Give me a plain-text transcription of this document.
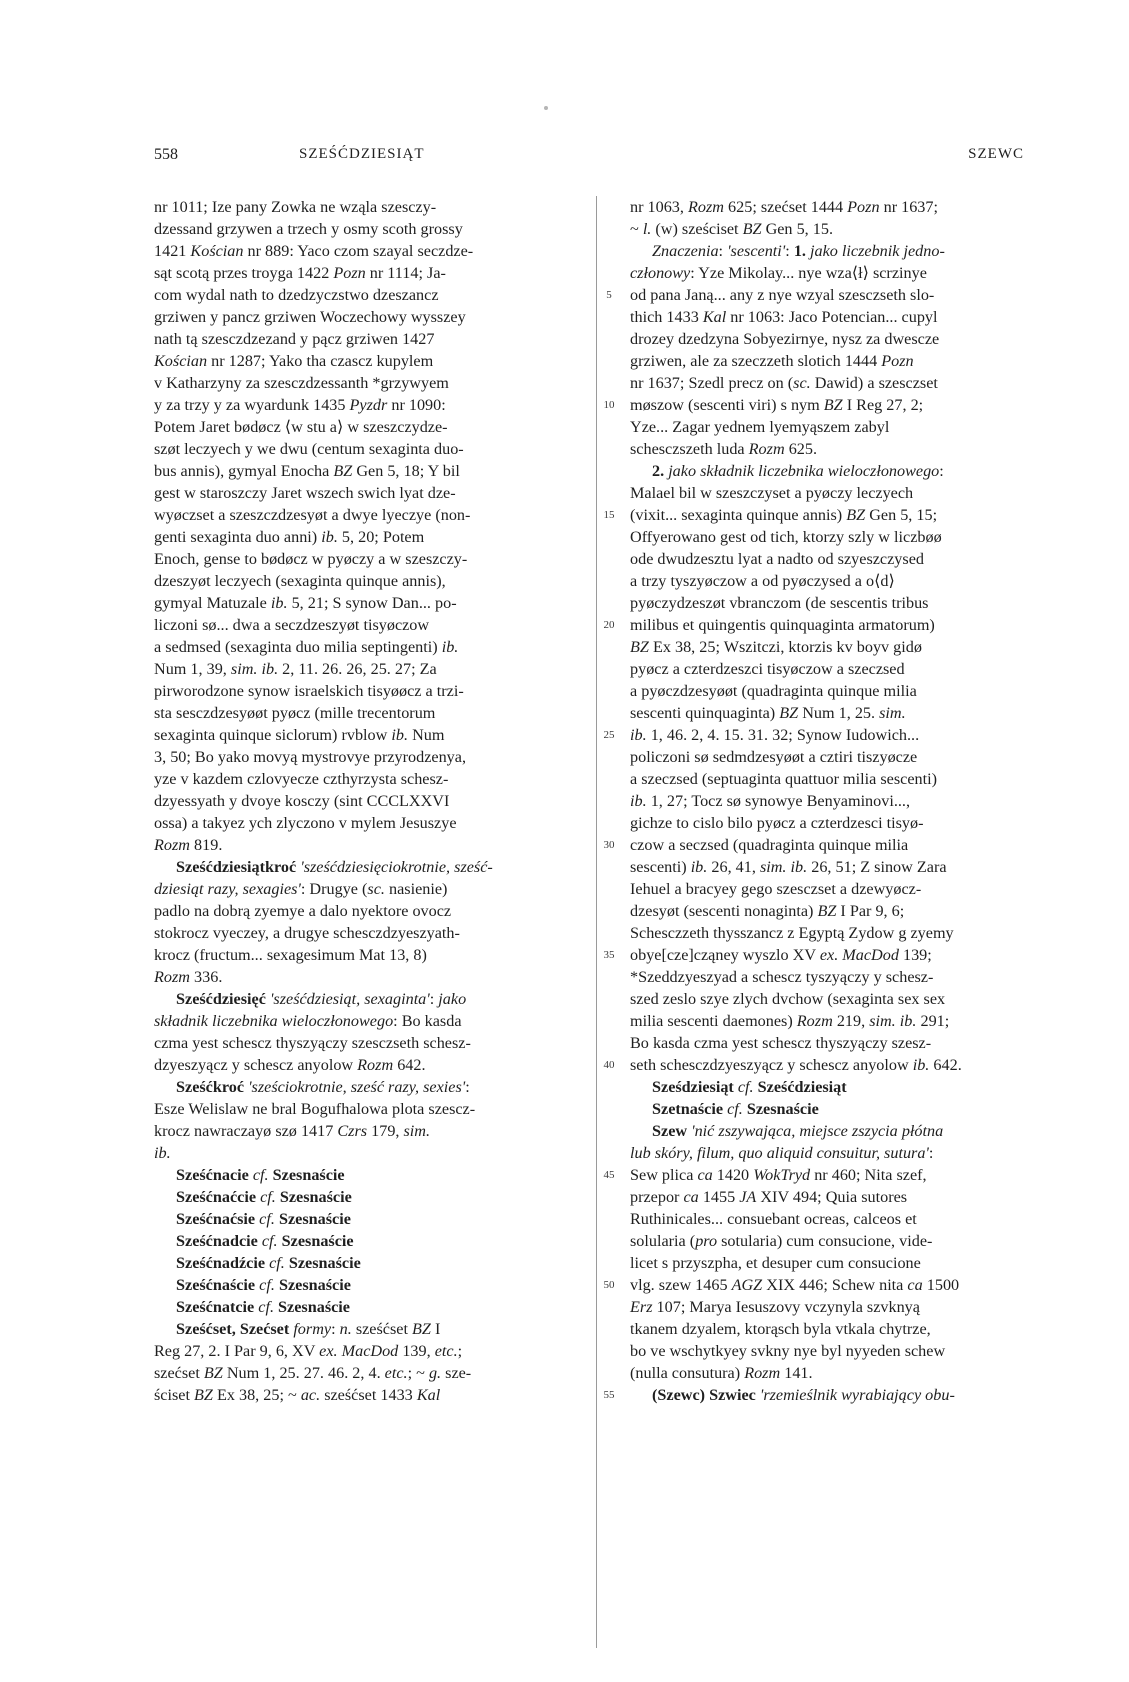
558	SZEŚĆDZIESIĄT	SZEWC
nr 1011; Ize pany Zowka ne wząla szesczy-
dzessand grzywen a trzech y osmy scoth grossy
1421 Kościan nr 889: Yaco czom szayal seczdze-
sąt scotą przes troyga 1422 Pozn nr 1114; Ja-
com wydal nath to dzedzyczstwo dzeszancz
grziwen y pancz grziwen Woczechowy wysszey
nath tą szesczdzezand y pącz grziwen 1427
Kościan nr 1287; Yako tha czascz kupylem
v Katharzyny za szesczdzessanth *grzywyem
y za trzy y za wyardunk 1435 Pyzdr nr 1090:
Potem Jaret bødøcz ⟨w stu a⟩ w szeszczydze-
szøt leczyech y we dwu (centum sexaginta duo-
bus annis), gymyal Enocha BZ Gen 5, 18; Y bil
gest w staroszczy Jaret wszech swich lyat dze-
wyøczset a szeszczdzesyøt a dwye lyeczye (non-
genti sexaginta duo anni) ib. 5, 20; Potem
Enoch, gense to bødøcz w pyøczy a w szeszczy-
dzeszyøt leczyech (sexaginta quinque annis),
gymyal Matuzale ib. 5, 21; S synow Dan... po-
liczoni sø... dwa a seczdzeszyøt tisyøczow
a sedmsed (sexaginta duo milia septingenti) ib.
Num 1, 39, sim. ib. 2, 11. 26. 26, 25. 27; Za
pirworodzone synow israelskich tisyøøcz a trzi-
sta sesczdzesyøøt pyøcz (mille trecentorum
sexaginta quinque siclorum) rvblow ib. Num
3, 50; Bo yako movyą mystrovye przyrodzenya,
yze v kazdem czlovyecze czthyrzysta schesz-
dzyessyath y dvoye kosczy (sint CCCLXXVI
ossa) a takyez ych zlyczono v mylem Jesuszye
Rozm 819.
Sześćdziesiątkroć 'sześćdziesięciokrotnie, sześć-
dziesiąt razy, sexagies': Drugye (sc. nasienie)
padlo na dobrą zyemye a dalo nyektore ovocz
stokrocz vyeczey, a drugye schesczdzyeszyath-
krocz (fructum... sexagesimum Mat 13, 8)
Rozm 336.
Sześćdziesięć 'sześćdziesiąt, sexaginta': jako
składnik liczebnika wieloczłonowego: Bo kasda
czma yest schescz thyszyączy szesczseth schesz-
dzyeszyącz y schescz anyolow Rozm 642.
Sześćkroć 'sześciokrotnie, sześć razy, sexies':
Esze Welislaw ne bral Bogufhalowa plota szescz-
krocz nawraczayø szø 1417 Czrs 179, sim.
ib.
Sześćnacie cf. Szesnaście
Sześćnaćcie cf. Szesnaście
Sześćnaćsie cf. Szesnaście
Sześćnadcie cf. Szesnaście
Sześćnadźcie cf. Szesnaście
Sześćnaście cf. Szesnaście
Sześćnatcie cf. Szesnaście
Sześćset, Szećset formy: n. sześćset BZ I
Reg 27, 2. I Par 9, 6, XV ex. MacDod 139, etc.;
szećset BZ Num 1, 25. 27. 46. 2, 4. etc.; ~ g. sze-
ściset BZ Ex 38, 25; ~ ac. sześćset 1433 Kal
5
10
15
20
25
30
35
40
45
50
55
nr 1063, Rozm 625; szećset 1444 Pozn nr 1637;
~ l. (w) sześciset BZ Gen 5, 15.
Znaczenia: 'sescenti': 1. jako liczebnik jedno-
członowy: Yze Mikolay... nye wza⟨ł⟩ scrzinye
od pana Janą... any z nye wzyal szesczseth slo-
thich 1433 Kal nr 1063: Jaco Potencian... cupyl
drozey dzedzyna Sobyezirnye, nysz za dwescze
grziwen, ale za szeczzeth slotich 1444 Pozn
nr 1637; Szedl precz on (sc. Dawid) a szesczset
møszow (sescenti viri) s nym BZ I Reg 27, 2;
Yze... Zagar yednem lyemyąszem zabyl
schesczszeth luda Rozm 625.
2. jako składnik liczebnika wieloczłonowego:
Malael bil w szeszczyset a pyøczy leczyech
(vixit... sexaginta quinque annis) BZ Gen 5, 15;
Offyerowano gest od tich, ktorzy szly w liczbøø
ode dwudzesztu lyat a nadto od szyeszczysed
a trzy tyszyøczow a od pyøczysed a o⟨d⟩
pyøczydzeszøt vbranczom (de sescentis tribus
milibus et quingentis quinquaginta armatorum)
BZ Ex 38, 25; Wszitczi, ktorzis kv boyv gidø
pyøcz a czterdzeszci tisyøczow a szeczsed
a pyøczdzesyøøt (quadraginta quinque milia
sescenti quinquaginta) BZ Num 1, 25. sim.
ib. 1, 46. 2, 4. 15. 31. 32; Synow Iudowich...
policzoni sø sedmdzesyøøt a cztiri tiszyøcze
a szeczsed (septuaginta quattuor milia sescenti)
ib. 1, 27; Tocz sø synowye Benyaminovi...,
gichze to cislo bilo pyøcz a czterdzesci tisyø-
czow a seczsed (quadraginta quinque milia
sescenti) ib. 26, 41, sim. ib. 26, 51; Z sinow Zara
Iehuel a bracyey gego szesczset a dzewyøcz-
dzesyøt (sescenti nonaginta) BZ I Par 9, 6;
Schesczzeth thysszancz z Egyptą Zydow g zyemy
obye[cze]cząney wyszlo XV ex. MacDod 139;
*Szeddzyeszyad a schescz tyszyączy y schesz-
szed zeslo szye zlych dvchow (sexaginta sex sex
milia sescenti daemones) Rozm 219, sim. ib. 291;
Bo kasda czma yest schescz thyszyączy szesz-
seth schesczdzyeszyącz y schescz anyolow ib. 642.
Sześdziesiąt cf. Sześćdziesiąt
Szetnaście cf. Szesnaście
Szew 'nić zszywająca, miejsce zszycia płótna
lub skóry, filum, quo aliquid consuitur, sutura':
Sew plica ca 1420 WokTryd nr 460; Nita szef,
przepor ca 1455 JA XIV 494; Quia sutores
Ruthinicales... consuebant ocreas, calceos et
solularia (pro sotularia) cum consucione, vide-
licet s przyszpha, et desuper cum consucione
vlg. szew 1465 AGZ XIX 446; Schew nita ca 1500
Erz 107; Marya Iesuszovy vczynyla szvknyą
tkanem dzyalem, ktorąsch byla vtkala chytrze,
bo ve wschytkyey svkny nye byl nyyeden schew
(nulla consutura) Rozm 141.
(Szewc) Szwiec 'rzemieślnik wyrabiający obu-
